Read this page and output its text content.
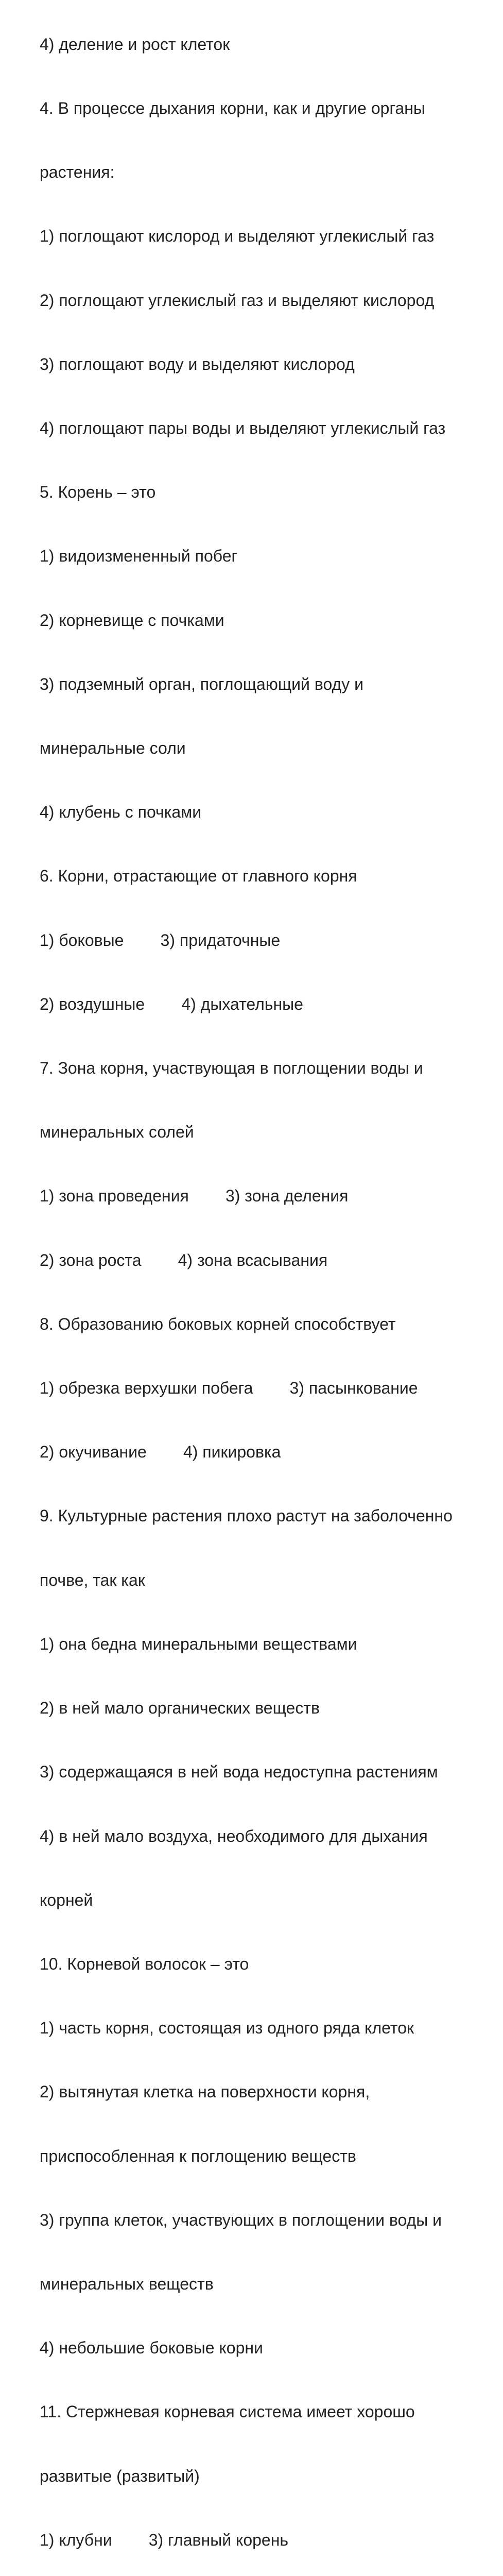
4) деление и рост клеток

4. В процессе дыхания корни, как и другие органы

растения:

1) поглощают кислород и выделяют углекислый газ

2) поглощают углекислый газ и выделяют кислород

3) поглощают воду и выделяют кислород

4) поглощают пары воды и выделяют углекислый газ

5. Корень – это

1) видоизмененный побег

2) корневище с почками

3) подземный орган, поглощающий воду и

минеральные соли

4) клубень с почками

6. Корни, отрастающие от главного корня

1) боковые        3) придаточные

2) воздушные        4) дыхательные

7. Зона корня, участвующая в поглощении воды и

минеральных солей

1) зона проведения        3) зона деления

2) зона роста        4) зона всасывания

8. Образованию боковых корней способствует

1) обрезка верхушки побега        3) пасынкование

2) окучивание        4) пикировка

9. Культурные растения плохо растут на заболоченно

почве, так как

1) она бедна минеральными веществами

2) в ней мало органических веществ

3) содержащаяся в ней вода недоступна растениям

4) в ней мало воздуха, необходимого для дыхания

корней

10. Корневой волосок – это

1) часть корня, состоящая из одного ряда клеток

2) вытянутая клетка на поверхности корня,

приспособленная к поглощению веществ

3) группа клеток, участвующих в поглощении воды и

минеральных веществ

4) небольшие боковые корни

11. Стержневая корневая система имеет хорошо

развитые (развитый)

1) клубни        3) главный корень
